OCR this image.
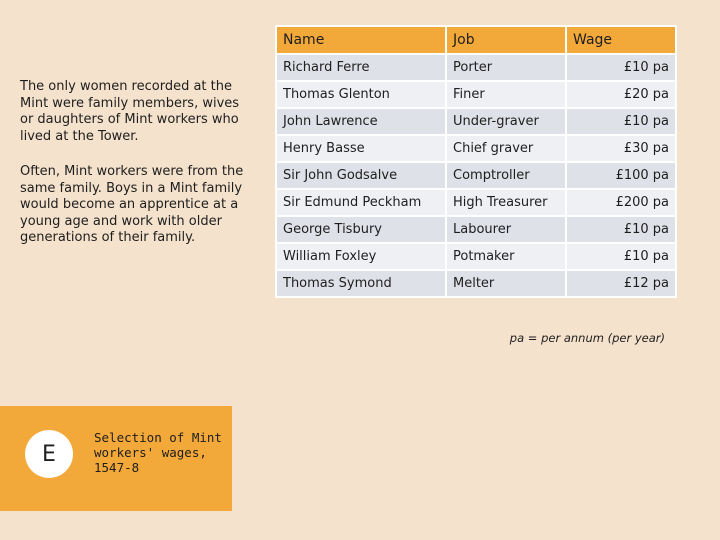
The only women recorded at the Mint were family members, wives or daughters of Mint workers who lived at the Tower.

Often, Mint workers were from the same family. Boys in a Mint family would become an apprentice at a young age and work with older generations of their family.

Name	Job	Wage
Richard Ferre	Porter	£10 pa
Thomas Glenton	Finer	£20 pa
John Lawrence	Under-graver	£10 pa
Henry Basse	Chief graver	£30 pa
Sir John Godsalve	Comptroller	£100 pa
Sir Edmund Peckham	High Treasurer	£200 pa
George Tisbury	Labourer	£10 pa
William Foxley	Potmaker	£10 pa
Thomas Symond	Melter	£12 pa
pa = per annum (per year)
E
Selection of Mint workers' wages, 1547-8
